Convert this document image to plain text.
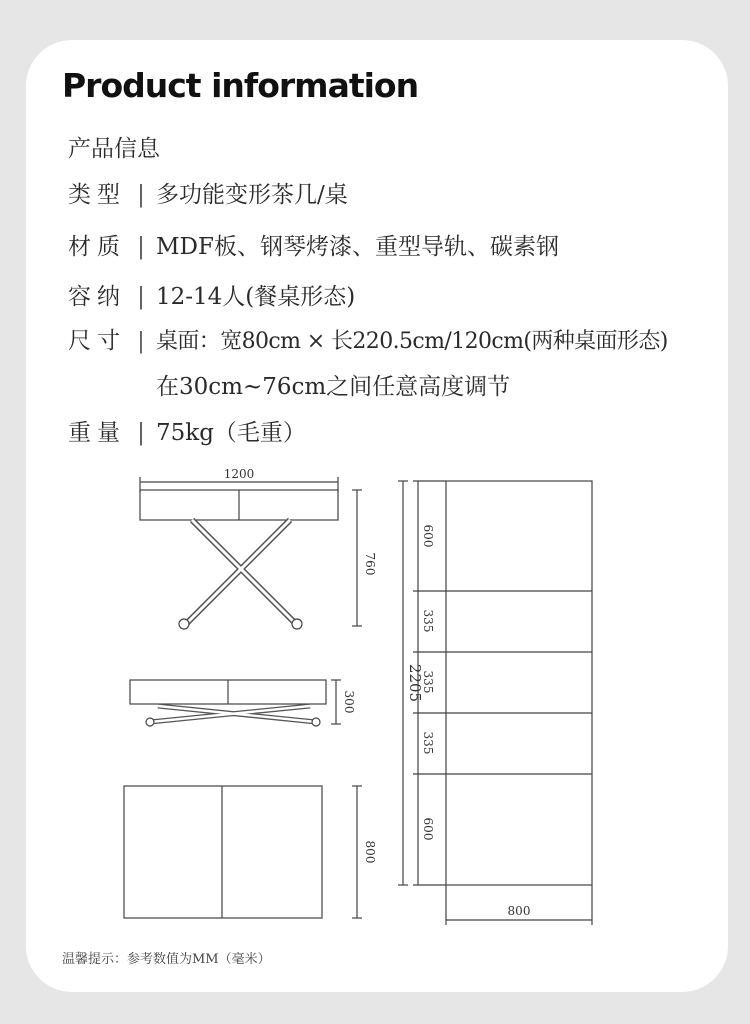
Product information
产品信息
类型 | 多功能变形茶几/桌
材质 | MDF板、钢琴烤漆、重型导轨、碳素钢
容纳 | 12-14人(餐桌形态)
尺寸 | 桌面：宽80cm × 长220.5cm/120cm(两种桌面形态)
在30cm~76cm之间任意高度调节
重量 | 75kg（毛重）
1200
760
300
800
2205
600
335
335
335
600
800
温馨提示：参考数值为MM（毫米）
